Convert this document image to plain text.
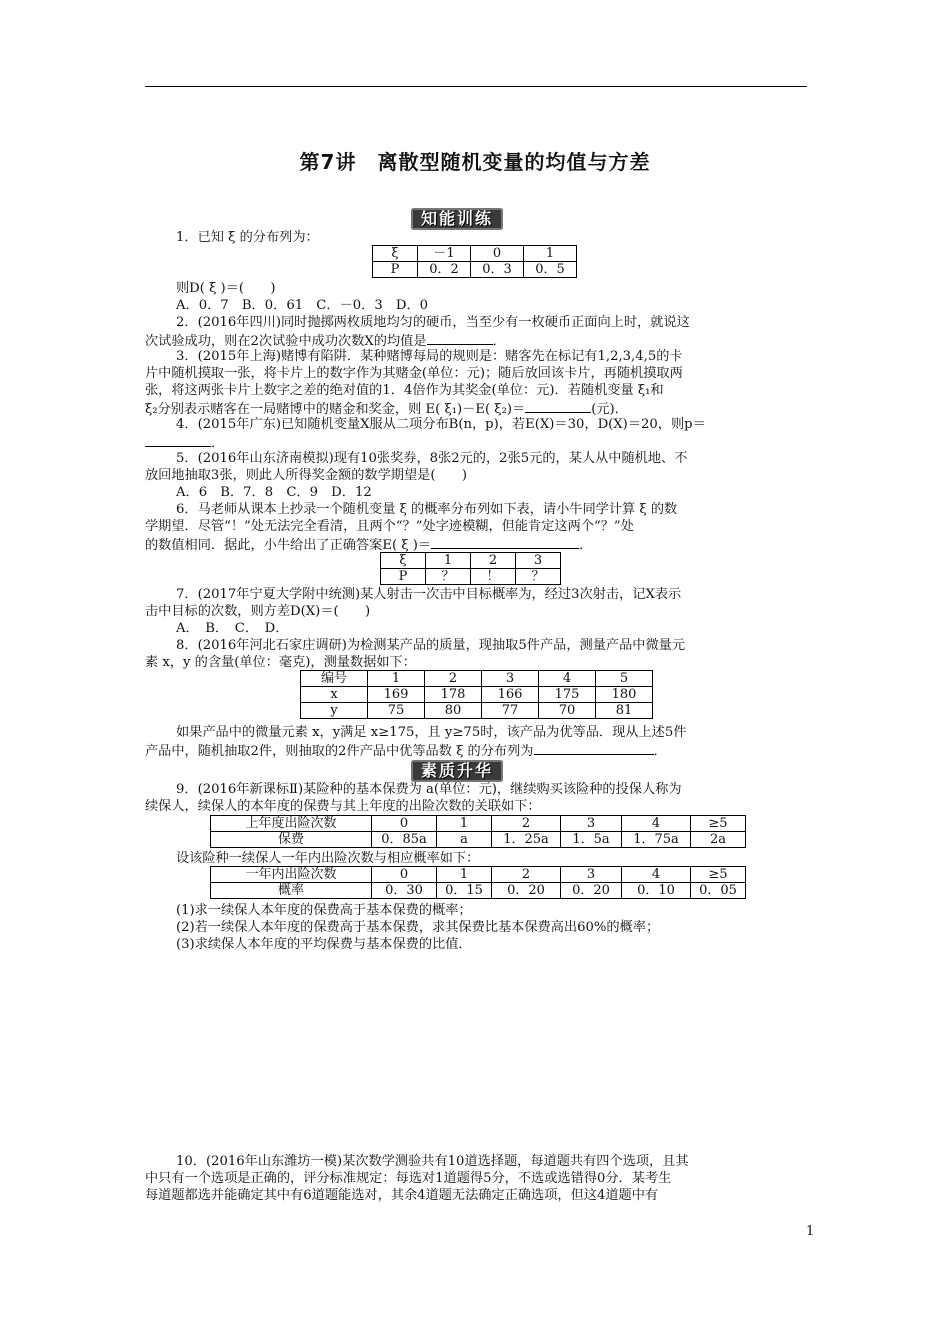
第7讲　离散型随机变量的均值与方差
知能训练
1．已知 ξ 的分布列为：
ξ	－1	0	1
P	0．2	0．3	0．5
则D( ξ )＝(　　)
A．0．7　B．0．61　C．－0．3　D．0
2．(2016年四川)同时抛掷两枚质地均匀的硬币，当至少有一枚硬币正面向上时，就说这
次试验成功，则在2次试验中成功次数X的均值是	．
3．(2015年上海)赌博有陷阱．某种赌博每局的规则是：赌客先在标记有1,2,3,4,5的卡
片中随机摸取一张，将卡片上的数字作为其赌金(单位：元)；随后放回该卡片，再随机摸取两
张，将这两张卡片上数字之差的绝对值的1．4倍作为其奖金(单位：元)．若随机变量 ξ₁和
ξ₂分别表示赌客在一局赌博中的赌金和奖金，则 E( ξ₁)－E( ξ₂)＝	(元)．
4．(2015年广东)已知随机变量X服从二项分布B(n，p)，若E(X)＝30，D(X)＝20，则p＝
．
5．(2016年山东济南模拟)现有10张奖券，8张2元的，2张5元的，某人从中随机地、不
放回地抽取3张，则此人所得奖金额的数学期望是(　　)
A．6　B．7．8　C．9　D．12
6．马老师从课本上抄录一个随机变量 ξ 的概率分布列如下表，请小牛同学计算 ξ 的数
学期望．尽管“！”处无法完全看清，且两个“？”处字迹模糊，但能肯定这两个“？”处
的数值相同．据此，小牛给出了正确答案E( ξ )＝	．
ξ	1	2	3
P	？	！	？
7．(2017年宁夏大学附中统测)某人射击一次击中目标概率为，经过3次射击，记X表示
击中目标的次数，则方差D(X)＝(　　)
A．　B．　C．　D．
8．(2016年河北石家庄调研)为检测某产品的质量，现抽取5件产品，测量产品中微量元
素 x，y 的含量(单位：毫克)，测量数据如下：
编号	1	2	3	4	5
x	169	178	166	175	180
y	75	80	77	70	81
如果产品中的微量元素 x，y满足 x≥175，且 y≥75时，该产品为优等品．现从上述5件
产品中，随机抽取2件，则抽取的2件产品中优等品数 ξ 的分布列为	．
素质升华
9．(2016年新课标Ⅱ)某险种的基本保费为 a(单位：元)，继续购买该险种的投保人称为
续保人，续保人的本年度的保费与其上年度的出险次数的关联如下：
上年度出险次数	0	1	2	3	4	≥5
保费	0．85a	a	1．25a	1．5a	1．75a	2a
设该险种一续保人一年内出险次数与相应概率如下：
一年内出险次数	0	1	2	3	4	≥5
概率	0．30	0．15	0．20	0．20	0．10	0．05
(1)求一续保人本年度的保费高于基本保费的概率；
(2)若一续保人本年度的保费高于基本保费，求其保费比基本保费高出60%的概率；
(3)求续保人本年度的平均保费与基本保费的比值．
10．(2016年山东潍坊一模)某次数学测验共有10道选择题，每道题共有四个选项，且其
中只有一个选项是正确的，评分标准规定：每选对1道题得5分，不选或选错得0分．某考生
每道题都选并能确定其中有6道题能选对，其余4道题无法确定正确选项，但这4道题中有
1
